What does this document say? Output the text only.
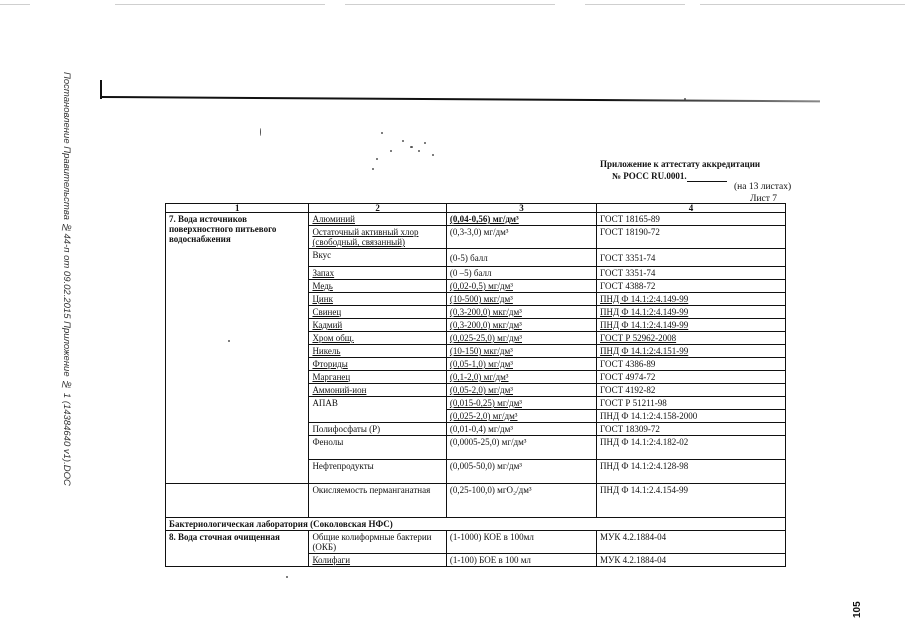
Постановление Правительства №44-п от 09.02.2015 Приложение № 1 (14384640 v1).DOC
105
Приложение к аттестату аккредитации
№ РОСС RU.0001.
(на 13 листах)
Лист 7
1	2	3	4
7. Вода источников поверхностного питьевого водоснабжения	Алюминий	(0,04-0,56) мг/дм³	ГОСТ 18165-89
	Остаточный активный хлор (свободный, связанный)	(0,3-3,0) мг/дм³	ГОСТ 18190-72
	Вкус	(0-5) балл	ГОСТ 3351-74
	Запах	(0 –5) балл	ГОСТ 3351-74
	Медь	(0,02-0,5) мг/дм³	ГОСТ 4388-72
	Цинк	(10-500) мкг/дм³	ПНД Ф 14.1:2:4.149-99
	Свинец	(0,3-200,0) мкг/дм³	ПНД Ф 14.1:2:4.149-99
	Кадмий	(0,3-200,0) мкг/дм³	ПНД Ф 14.1:2:4.149-99
	Хром общ.	(0,025-25,0) мг/дм³	ГОСТ Р 52962-2008
	Никель	(10-150) мкг/дм³	ПНД Ф 14.1:2:4.151-99
	Фториды	(0,05-1,0) мг/дм³	ГОСТ 4386-89
	Марганец	(0,1-2,0) мг/дм³	ГОСТ 4974-72
	Аммоний-ион	(0,05-2,0) мг/дм³	ГОСТ 4192-82
	АПАВ	(0,015-0,25) мг/дм³	ГОСТ Р 51211-98
		(0,025-2,0) мг/дм³	ПНД Ф 14.1:2:4.158-2000
	Полифосфаты (Р)	(0,01-0,4) мг/дм³	ГОСТ 18309-72
	Фенолы	(0,0005-25,0) мг/дм³	ПНД Ф 14.1:2:4.182-02
	Нефтепродукты	(0,005-50,0) мг/дм³	ПНД Ф 14.1:2:4.128-98
	Окисляемость перманганатная	(0,25-100,0) мгО₂/дм³	ПНД Ф 14.1:2.4.154-99
Бактериологическая лаборатория (Соколовская НФС)			
8. Вода сточная очищенная	Общие колиформные бактерии (ОКБ)	(1-1000) КОЕ в 100мл	МУК 4.2.1884-04
	Колифаги	(1-100) БОЕ в 100 мл	МУК 4.2.1884-04
